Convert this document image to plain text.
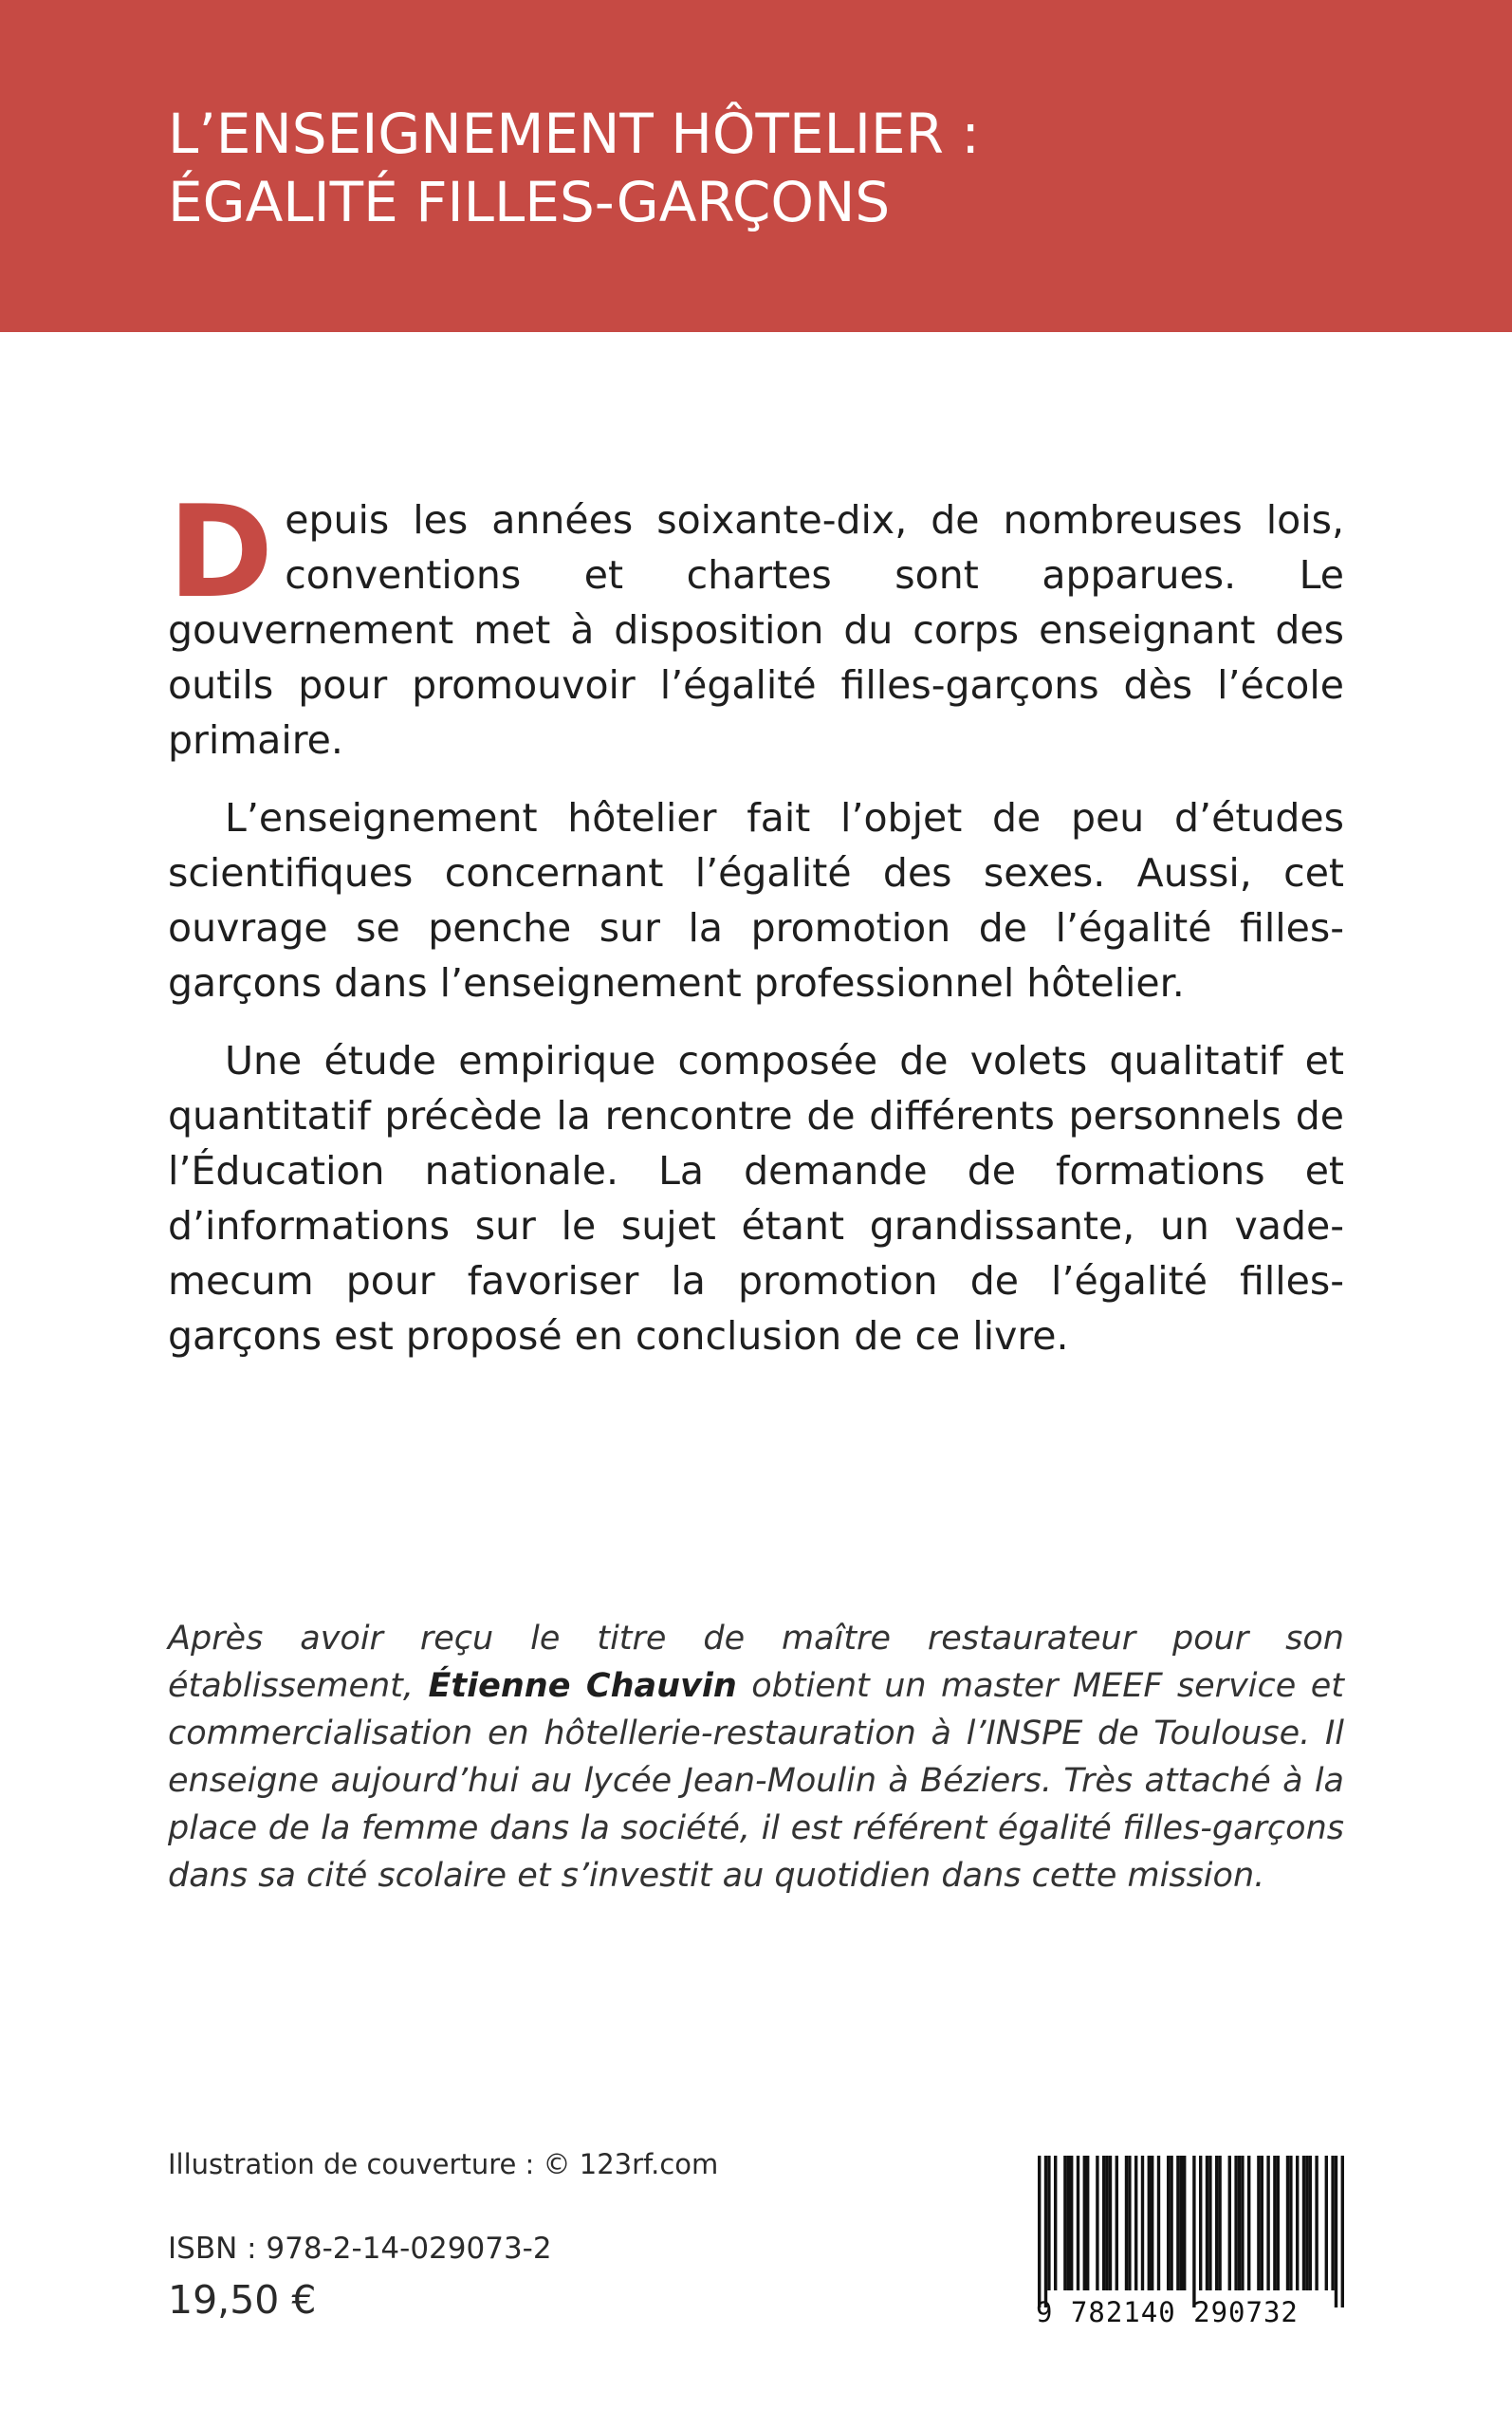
L’ENSEIGNEMENT HÔTELIER :
ÉGALITÉ FILLES-GARÇONS
Depuis les années soixante-dix, de nombreuses lois, conventions et chartes sont apparues. Le gouvernement met à disposition du corps enseignant des outils pour promouvoir l’égalité filles-garçons dès l’école primaire.
L’enseignement hôtelier fait l’objet de peu d’études scientifiques concernant l’égalité des sexes. Aussi, cet ouvrage se penche sur la promotion de l’égalité filles-garçons dans l’enseignement professionnel hôtelier.
Une étude empirique composée de volets qualitatif et quantitatif précède la rencontre de différents personnels de l’Éducation nationale. La demande de formations et d’informations sur le sujet étant grandissante, un vade-mecum pour favoriser la promotion de l’égalité filles-garçons est proposé en conclusion de ce livre.
Après avoir reçu le titre de maître restaurateur pour son établissement, Étienne Chauvin obtient un master MEEF service et commercialisation en hôtellerie-restauration à l’INSPE de Toulouse. Il enseigne aujourd’hui au lycée Jean-Moulin à Béziers. Très attaché à la place de la femme dans la société, il est référent égalité filles-garçons dans sa cité scolaire et s’investit au quotidien dans cette mission.
Illustration de couverture : © 123rf.com
ISBN : 978-2-14-029073-2
19,50 €	9 782140 290732
